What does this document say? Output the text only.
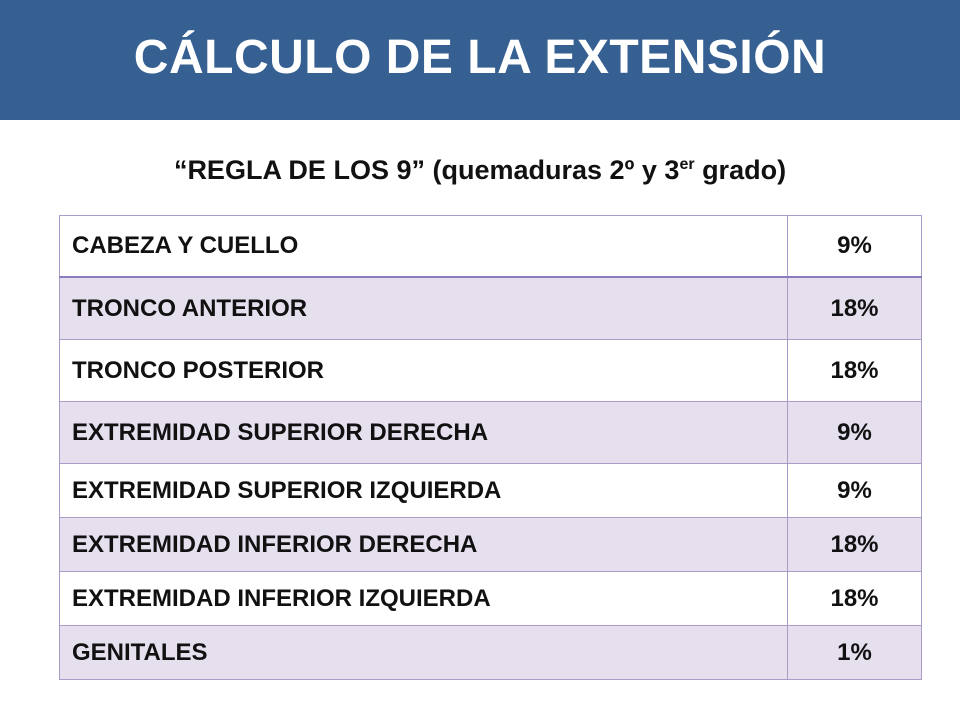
CÁLCULO DE LA EXTENSIÓN
“REGLA DE LOS 9” (quemaduras 2º y 3er grado)
CABEZA Y CUELLO	9%
TRONCO ANTERIOR	18%
TRONCO POSTERIOR	18%
EXTREMIDAD SUPERIOR DERECHA	9%
EXTREMIDAD SUPERIOR IZQUIERDA	9%
EXTREMIDAD INFERIOR DERECHA	18%
EXTREMIDAD INFERIOR IZQUIERDA	18%
GENITALES	1%
